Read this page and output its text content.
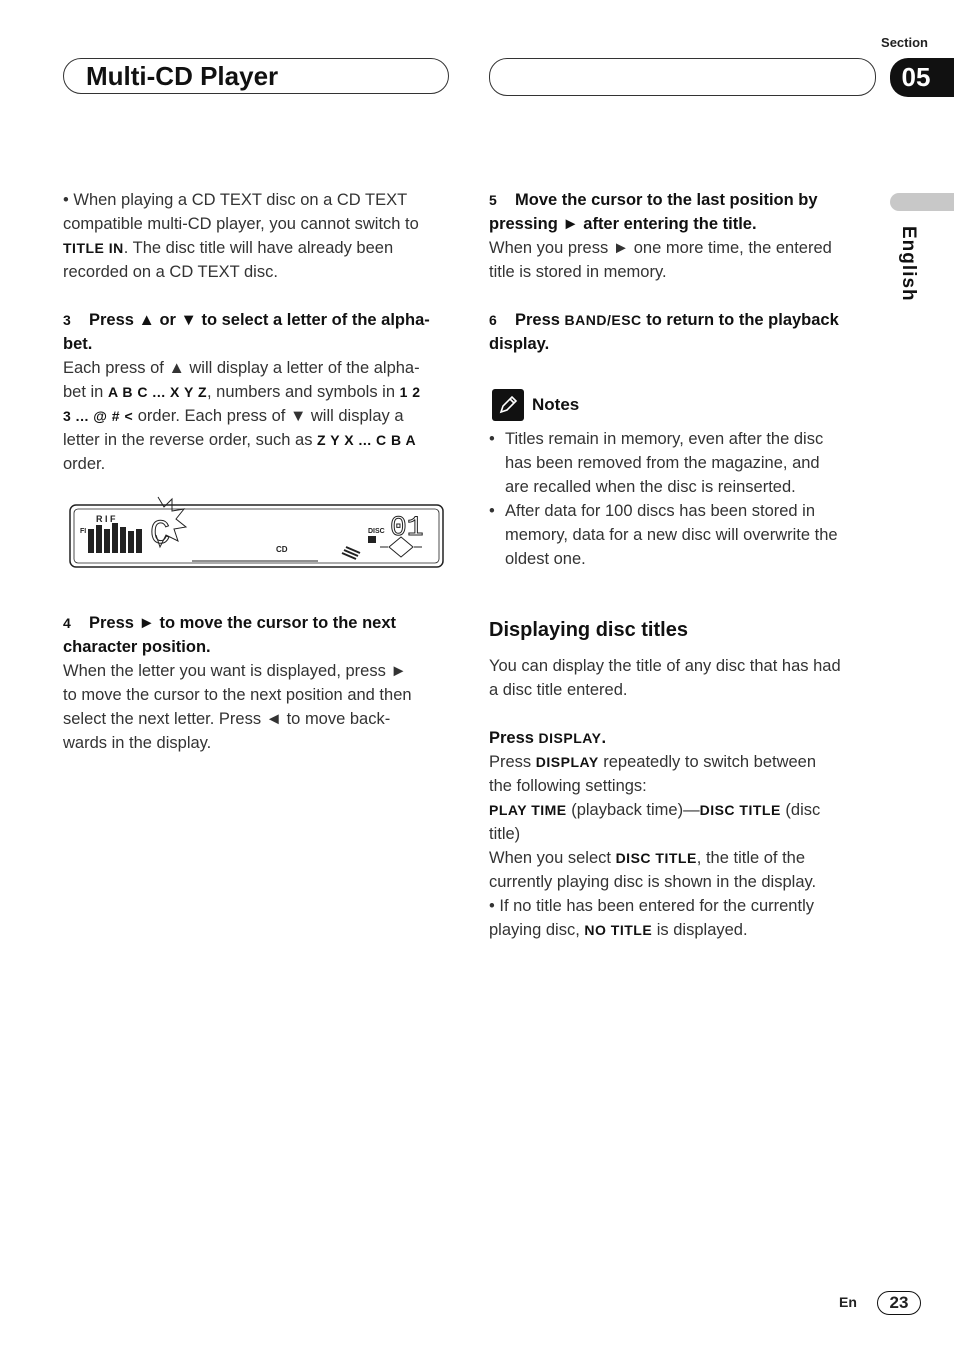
Section
Multi-CD Player	05
English

• When playing a CD TEXT disc on a CD TEXT compatible multi-CD player, you cannot switch to TITLE IN. The disc title will have already been recorded on a CD TEXT disc.

3 Press ▲ or ▼ to select a letter of the alpha-

bet.

Each press of ▲ will display a letter of the alpha-

bet in A B C ... X Y Z, numbers and symbols in 1 2

3 ... @ # < order. Each press of ▼ will display a

letter in the reverse order, such as Z Y X ... C B A

order.

R I F
FI C	CD
DISC 01

4 Press ► to move the cursor to the next

character position.

When the letter you want is displayed, press ►

to move the cursor to the next position and then

select the next letter. Press ◄ to move back-

wards in the display.

5 Move the cursor to the last position by

pressing ► after entering the title.

When you press ► one more time, the entered

title is stored in memory.

6 Press BAND/ESC to return to the playback

display.

Notes

• Titles remain in memory, even after the disc

has been removed from the magazine, and

are recalled when the disc is reinserted.

• After data for 100 discs has been stored in

memory, data for a new disc will overwrite the

oldest one.

Displaying disc titles

You can display the title of any disc that has had

a disc title entered.

Press DISPLAY.

Press DISPLAY repeatedly to switch between

the following settings:

PLAY TIME (playback time)—DISC TITLE (disc

title)

When you select DISC TITLE, the title of the

currently playing disc is shown in the display.

• If no title has been entered for the currently

playing disc, NO TITLE is displayed.

En	23
